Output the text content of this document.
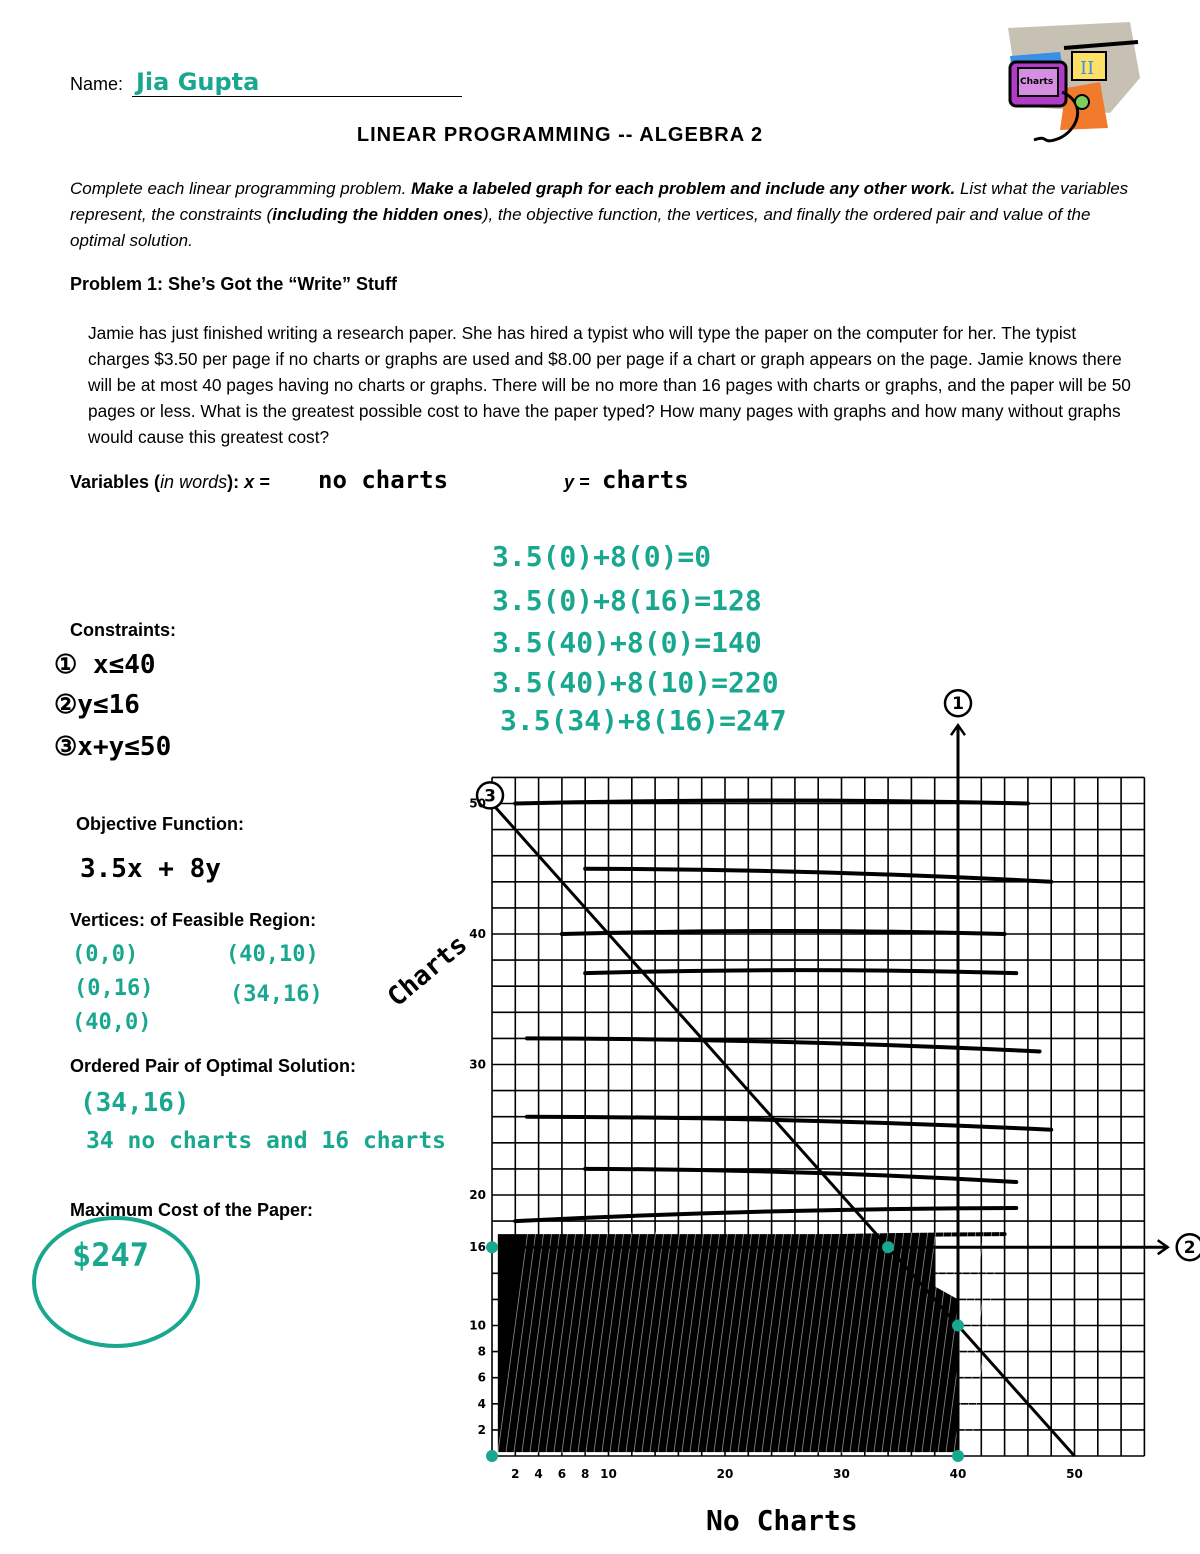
Name: Jia Gupta	Charts
II
LINEAR PROGRAMMING -- ALGEBRA 2
Complete each linear programming problem. Make a labeled graph for each problem and include any other work. List what the variables represent, the constraints (including the hidden ones), the objective function, the vertices, and finally the ordered pair and value of the optimal solution.
Problem 1: She’s Got the “Write” Stuff
Jamie has just finished writing a research paper. She has hired a typist who will type the paper on the computer for her. The typist charges $3.50 per page if no charts or graphs are used and $8.00 per page if a chart or graph appears on the page. Jamie knows there will be at most 40 pages having no charts or graphs. There will be no more than 16 pages with charts or graphs, and the paper will be 50 pages or less. What is the greatest possible cost to have the paper typed? How many pages with graphs and how many without graphs would cause this greatest cost?
Variables (in words): x = no charts	y = charts
3.5(0)+8(0)=0
3.5(0)+8(16)=128
3.5(40)+8(0)=140
3.5(40)+8(10)=220
3.5(34)+8(16)=247
Constraints:
① x≤40
②y≤16
③x+y≤50
Objective Function:
3.5x + 8y
Vertices: of Feasible Region:
(0,0)	(40,10)
(0,16)	(34,16)
(40,0)
Ordered Pair of Optimal Solution:
(34,16)
34 no charts and 16 charts
Maximum Cost of the Paper:
$247
Charts
No Charts
1
2
3
2 4 6 8 10	20	30	40	50
50
40
30
20
16
10
8
6
4
2
